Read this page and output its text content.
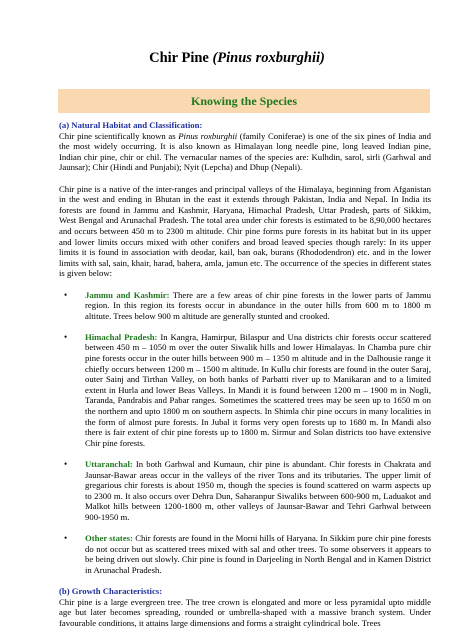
Chir Pine (Pinus roxburghii)
Knowing the Species
(a) Natural Habitat and Classification:

Chir pine scientifically known as Pinus roxburghii (family Coniferae) is one of the six pines of India and the most widely occurring. It is also known as Himalayan long needle pine, long leaved Indian pine, Indian chir pine, chir or chil. The vernacular names of the species are: Kulhdin, sarol, sirli (Garhwal and Jaunsar); Chir (Hindi and Punjabi); Nyit (Lepcha) and Dhup (Nepali).

Chir pine is a native of the inter-ranges and principal valleys of the Himalaya, beginning from Afganistan in the west and ending in Bhutan in the east it extends through Pakistan, India and Nepal. In India its forests are found in Jammu and Kashmir, Haryana, Himachal Pradesh, Uttar Pradesh, parts of Sikkim, West Bengal and Arunachal Pradesh. The total area under chir forests is estimated to be 8,90,000 hectares and occurs between 450 m to 2300 m altitude. Chir pine forms pure forests in its habitat but in its upper and lower limits occurs mixed with other conifers and broad leaved species though rarely: In its upper limits it is found in association with deodar, kail, ban oak, burans (Rhododendron) etc. and in the lower limits with sal, sain, khair, harad, bahera, amla, jamun etc. The occurrence of the species in different states is given below:

• Jammu and Kashmir: There are a few areas of chir pine forests in the lower parts of Jammu region. In this region its forests occur in abundance in the outer hills from 600 m to 1800 m altitute. Trees below 900 m altitude are generally stunted and crooked.
• Himachal Pradesh: In Kangra, Hamirpur, Bilaspur and Una districts chir forests occur scattered between 450 m – 1050 m over the outer Siwalik hills and lower Himalayas. In Chamba pure chir pine forests occur in the outer hills between 900 m – 1350 m altitude and in the Dalhousie range it chiefly occurs between 1200 m – 1500 m altitude. In Kullu chir forests are found in the outer Saraj, outer Sainj and Tirthan Valley, on both banks of Parbatti river up to Manikaran and to a limited extent in Hurla and lower Beas Valleys. In Mandi it is found between 1200 m – 1900 m in Nogli, Taranda, Pandrabis and Pabar ranges. Sometimes the scattered trees may be seen up to 1650 m on the northern and upto 1800 m on southern aspects. In Shimla chir pine occurs in many localities in the form of almost pure forests. In Jubal it forms very open forests up to 1680 m. In Mandi also there is fair extent of chir pine forests up to 1800 m. Sirmur and Solan districts too have extensive Chir pine forests.
• Uttaranchal: In both Garhwal and Kumaun, chir pine is abundant. Chir forests in Chakrata and Jaunsar-Bawar areas occur in the valleys of the river Tons and its tributaries. The upper limit of gregarious chir forests is about 1950 m, though the species is found scattered on warm aspects up to 2300 m. It also occurs over Dehra Dun, Saharanpur Siwaliks between 600-900 m, Laduakot and Malkot hills between 1200-1800 m, other valleys of Jaunsar-Bawar and Tehri Garhwal between 900-1950 m.
• Other states: Chir forests are found in the Morni hills of Haryana. In Sikkim pure chir pine forests do not occur but as scattered trees mixed with sal and other trees. To some observers it appears to be being driven out slowly. Chir pine is found in Darjeeling in North Bengal and in Kamen District in Arunachal Pradesh.
(b) Growth Characteristics:

Chir pine is a large evergreen tree. The tree crown is elongated and more or less pyramidal upto middle age but later becomes spreading, rounded or umbrella-shaped with a massive branch system. Under favourable conditions, it attains large dimensions and forms a straight cylindrical bole. Trees
